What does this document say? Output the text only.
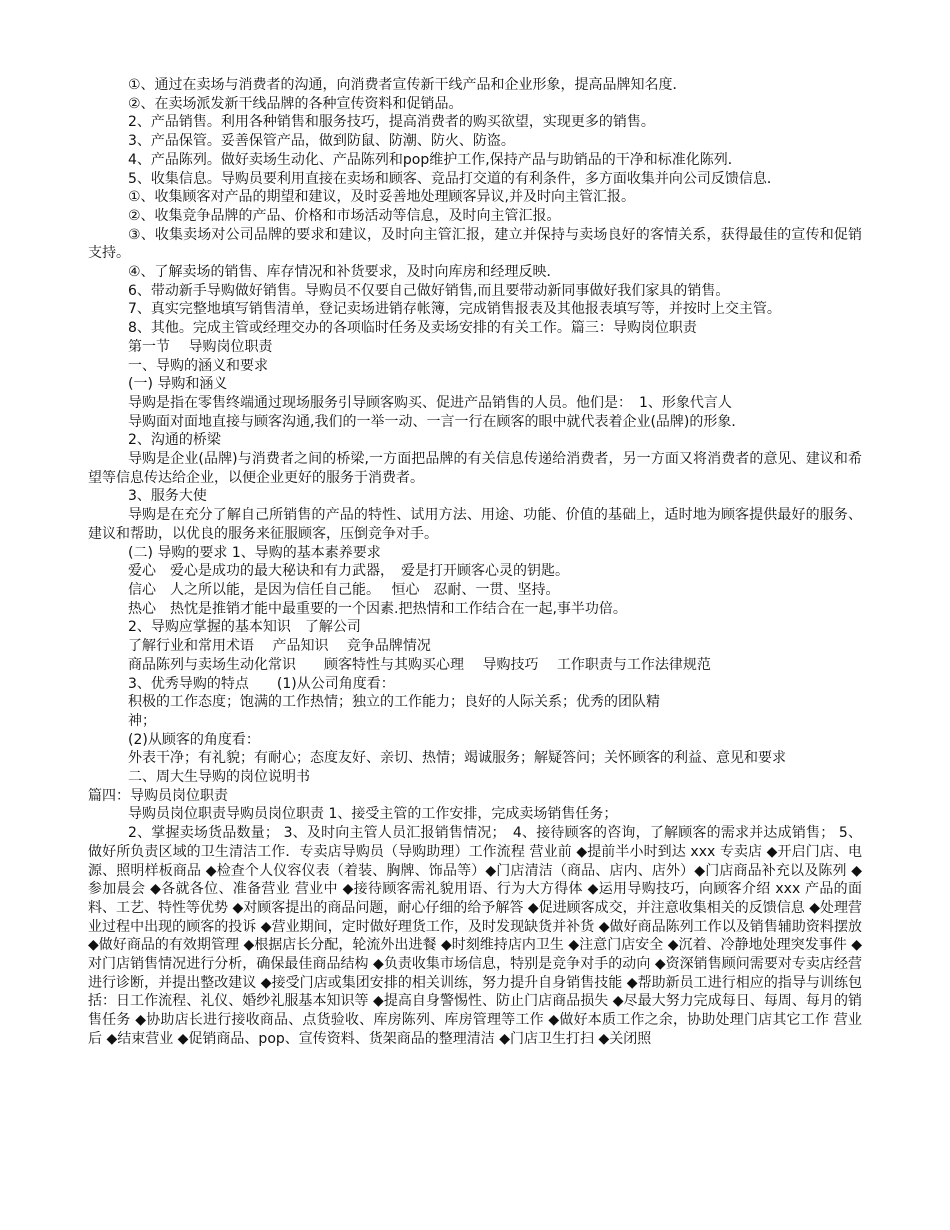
①、通过在卖场与消费者的沟通，向消费者宣传新干线产品和企业形象，提高品牌知名度．

②、在卖场派发新干线品牌的各种宣传资料和促销品。

2、产品销售。利用各种销售和服务技巧，提高消费者的购买欲望，实现更多的销售。

3、产品保管。妥善保管产品，做到防鼠、防潮、防火、防盗。

4、产品陈列。做好卖场生动化、产品陈列和pop维护工作,保持产品与助销品的干净和标准化陈列．

5、收集信息。导购员要利用直接在卖场和顾客、竞品打交道的有利条件，多方面收集并向公司反馈信息．

①、收集顾客对产品的期望和建议，及时妥善地处理顾客异议,并及时向主管汇报。

②、收集竞争品牌的产品、价格和市场活动等信息，及时向主管汇报。

③、收集卖场对公司品牌的要求和建议，及时向主管汇报，建立并保持与卖场良好的客情关系，获得最佳的宣传和促销支持。

④、了解卖场的销售、库存情况和补货要求，及时向库房和经理反映．

6、带动新手导购做好销售。导购员不仅要自己做好销售,而且要带动新同事做好我们家具的销售。

7、真实完整地填写销售清单，登记卖场进销存帐簿，完成销售报表及其他报表填写等，并按时上交主管。

8、其他。完成主管或经理交办的各项临时任务及卖场安排的有关工作。篇三：导购岗位职责

第一节　 导购岗位职责

一、导购的涵义和要求

(一) 导购和涵义

导购是指在零售终端通过现场服务引导顾客购买、促进产品销售的人员。他们是：　1、形象代言人

导购面对面地直接与顾客沟通,我们的一举一动、一言一行在顾客的眼中就代表着企业(品牌)的形象．

2、沟通的桥梁

导购是企业(品牌)与消费者之间的桥梁,一方面把品牌的有关信息传递给消费者，另一方面又将消费者的意见、建议和希望等信息传达给企业，以便企业更好的服务于消费者。

3、服务大使

导购是在充分了解自己所销售的产品的特性、试用方法、用途、功能、价值的基础上，适时地为顾客提供最好的服务、建议和帮助，以优良的服务来征服顾客，压倒竞争对手。

(二) 导购的要求 1、导购的基本素养要求

爱心　爱心是成功的最大秘诀和有力武器，　爱是打开顾客心灵的钥匙。

信心　人之所以能，是因为信任自己能。　 恒心　忍耐、一贯、坚持。

热心　热忱是推销才能中最重要的一个因素.把热情和工作结合在一起,事半功倍。

2、导购应掌握的基本知识　了解公司

了解行业和常用术语　 产品知识　 竞争品牌情况

商品陈列与卖场生动化常识　　顾客特性与其购买心理　 导购技巧　 工作职责与工作法律规范

3、优秀导购的特点　　(1)从公司角度看：

积极的工作态度；饱满的工作热情；独立的工作能力；良好的人际关系；优秀的团队精

神；

(2)从顾客的角度看：

外表干净；有礼貌；有耐心；态度友好、亲切、热情；竭诚服务；解疑答问；关怀顾客的利益、意见和要求

二、周大生导购的岗位说明书

篇四：导购员岗位职责

导购员岗位职责导购员岗位职责 1、接受主管的工作安排，完成卖场销售任务；

2、掌握卖场货品数量； 3、及时向主管人员汇报销售情况；　4、接待顾客的咨询，了解顾客的需求并达成销售； 5、做好所负责区域的卫生清洁工作．专卖店导购员（导购助理）工作流程 营业前 ◆提前半小时到达 xxx 专卖店 ◆开启门店、电源、照明样板商品 ◆检查个人仪容仪表（着装、胸牌、饰品等）◆门店清洁（商品、店内、店外）◆门店商品补充以及陈列 ◆参加晨会 ◆各就各位、准备营业 营业中 ◆接待顾客需礼貌用语、行为大方得体 ◆运用导购技巧，向顾客介绍 xxx 产品的面料、工艺、特性等优势 ◆对顾客提出的商品问题，耐心仔细的给予解答 ◆促进顾客成交，并注意收集相关的反馈信息 ◆处理营业过程中出现的顾客的投诉 ◆营业期间，定时做好理货工作，及时发现缺货并补货 ◆做好商品陈列工作以及销售辅助资料摆放 ◆做好商品的有效期管理 ◆根据店长分配，轮流外出进餐 ◆时刻维持店内卫生 ◆注意门店安全 ◆沉着、冷静地处理突发事件 ◆对门店销售情况进行分析，确保最佳商品结构 ◆负责收集市场信息，特别是竞争对手的动向 ◆资深销售顾问需要对专卖店经营进行诊断，并提出整改建议 ◆接受门店或集团安排的相关训练，努力提升自身销售技能 ◆帮助新员工进行相应的指导与训练包括：日工作流程、礼仪、婚纱礼服基本知识等 ◆提高自身警惕性、防止门店商品损失 ◆尽最大努力完成每日、每周、每月的销售任务 ◆协助店长进行接收商品、点货验收、库房陈列、库房管理等工作 ◆做好本质工作之余，协助处理门店其它工作 营业后 ◆结束营业 ◆促销商品、pop、宣传资料、货架商品的整理清洁 ◆门店卫生打扫 ◆关闭照
